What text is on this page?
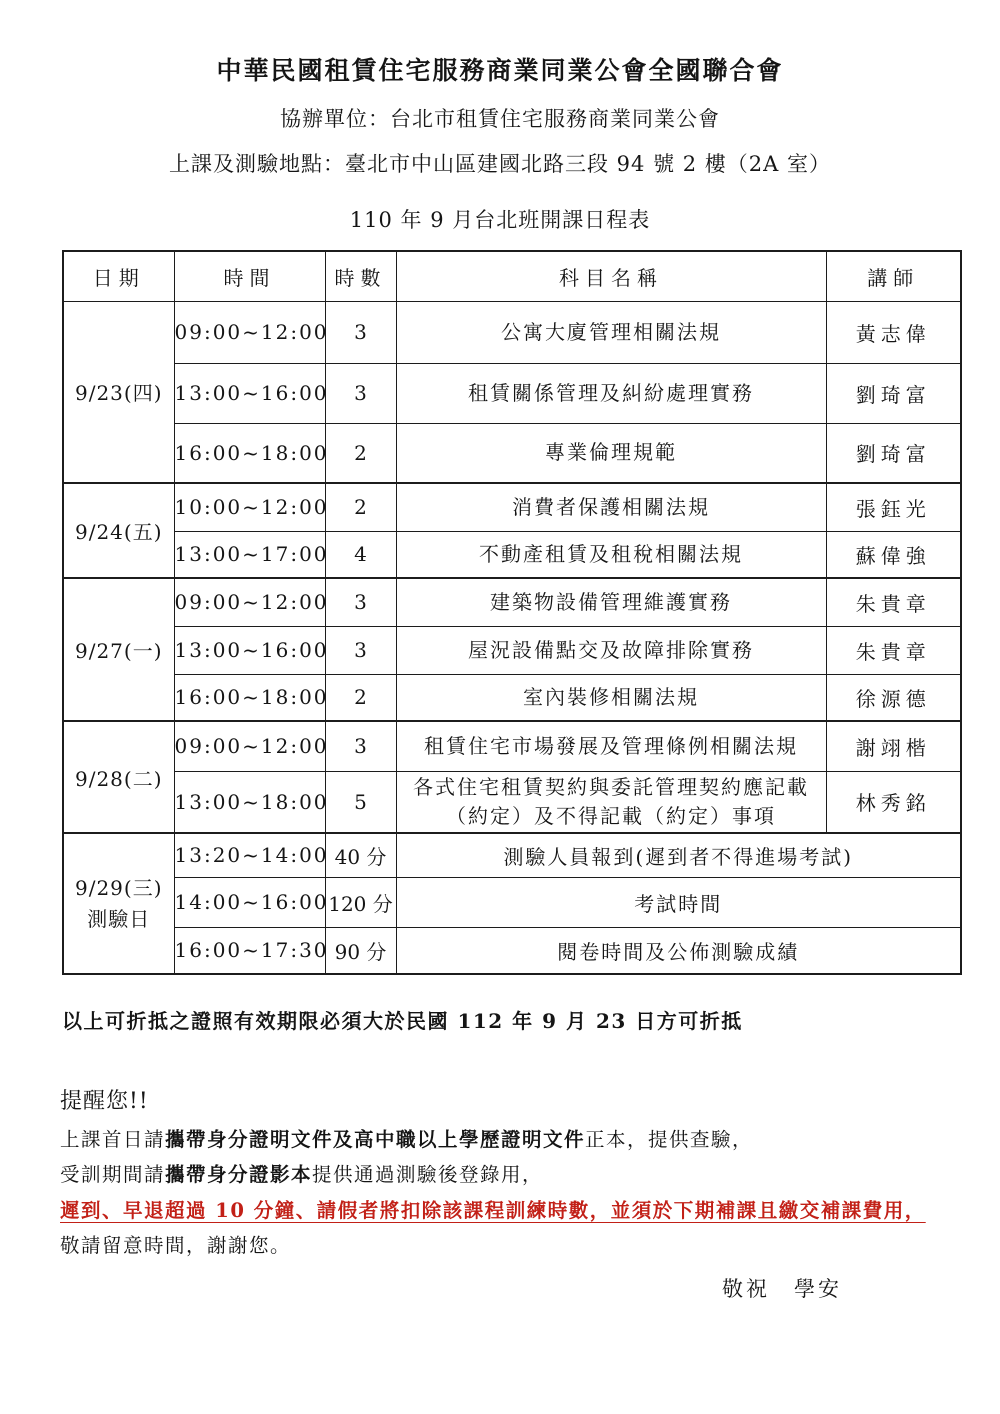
中華民國租賃住宅服務商業同業公會全國聯合會
協辦單位：台北市租賃住宅服務商業同業公會
上課及測驗地點：臺北市中山區建國北路三段 94 號 2 樓（2A 室）
110 年 9 月台北班開課日程表
日期	時間	時數	科目名稱	講師
9/23(四)	09:00~12:00	3	公寓大廈管理相關法規	黃志偉
	13:00~16:00	3	租賃關係管理及糾紛處理實務	劉琦富
	16:00~18:00	2	專業倫理規範	劉琦富
9/24(五)	10:00~12:00	2	消費者保護相關法規	張鈺光
	13:00~17:00	4	不動產租賃及租稅相關法規	蘇偉強
9/27(一)	09:00~12:00	3	建築物設備管理維護實務	朱貴章
	13:00~16:00	3	屋況設備點交及故障排除實務	朱貴章
	16:00~18:00	2	室內裝修相關法規	徐源德
9/28(二)	09:00~12:00	3	租賃住宅市場發展及管理條例相關法規	謝翊楷
	13:00~18:00	5	各式住宅租賃契約與委託管理契約應記載（約定）及不得記載（約定）事項	林秀銘

9/29(三)
測驗日	13:20~14:00	40 分	測驗人員報到(遲到者不得進場考試)	
	14:00~16:00	120 分	考試時間	
	16:00~17:30	90 分	閱卷時間及公佈測驗成績	
以上可折抵之證照有效期限必須大於民國 112 年 9 月 23 日方可折抵
提醒您!!
上課首日請攜帶身分證明文件及高中職以上學歷證明文件正本，提供查驗，
受訓期間請攜帶身分證影本提供通過測驗後登錄用，
遲到、早退超過 10 分鐘、請假者將扣除該課程訓練時數，並須於下期補課且繳交補課費用，
敬請留意時間，謝謝您。
敬祝　學安
